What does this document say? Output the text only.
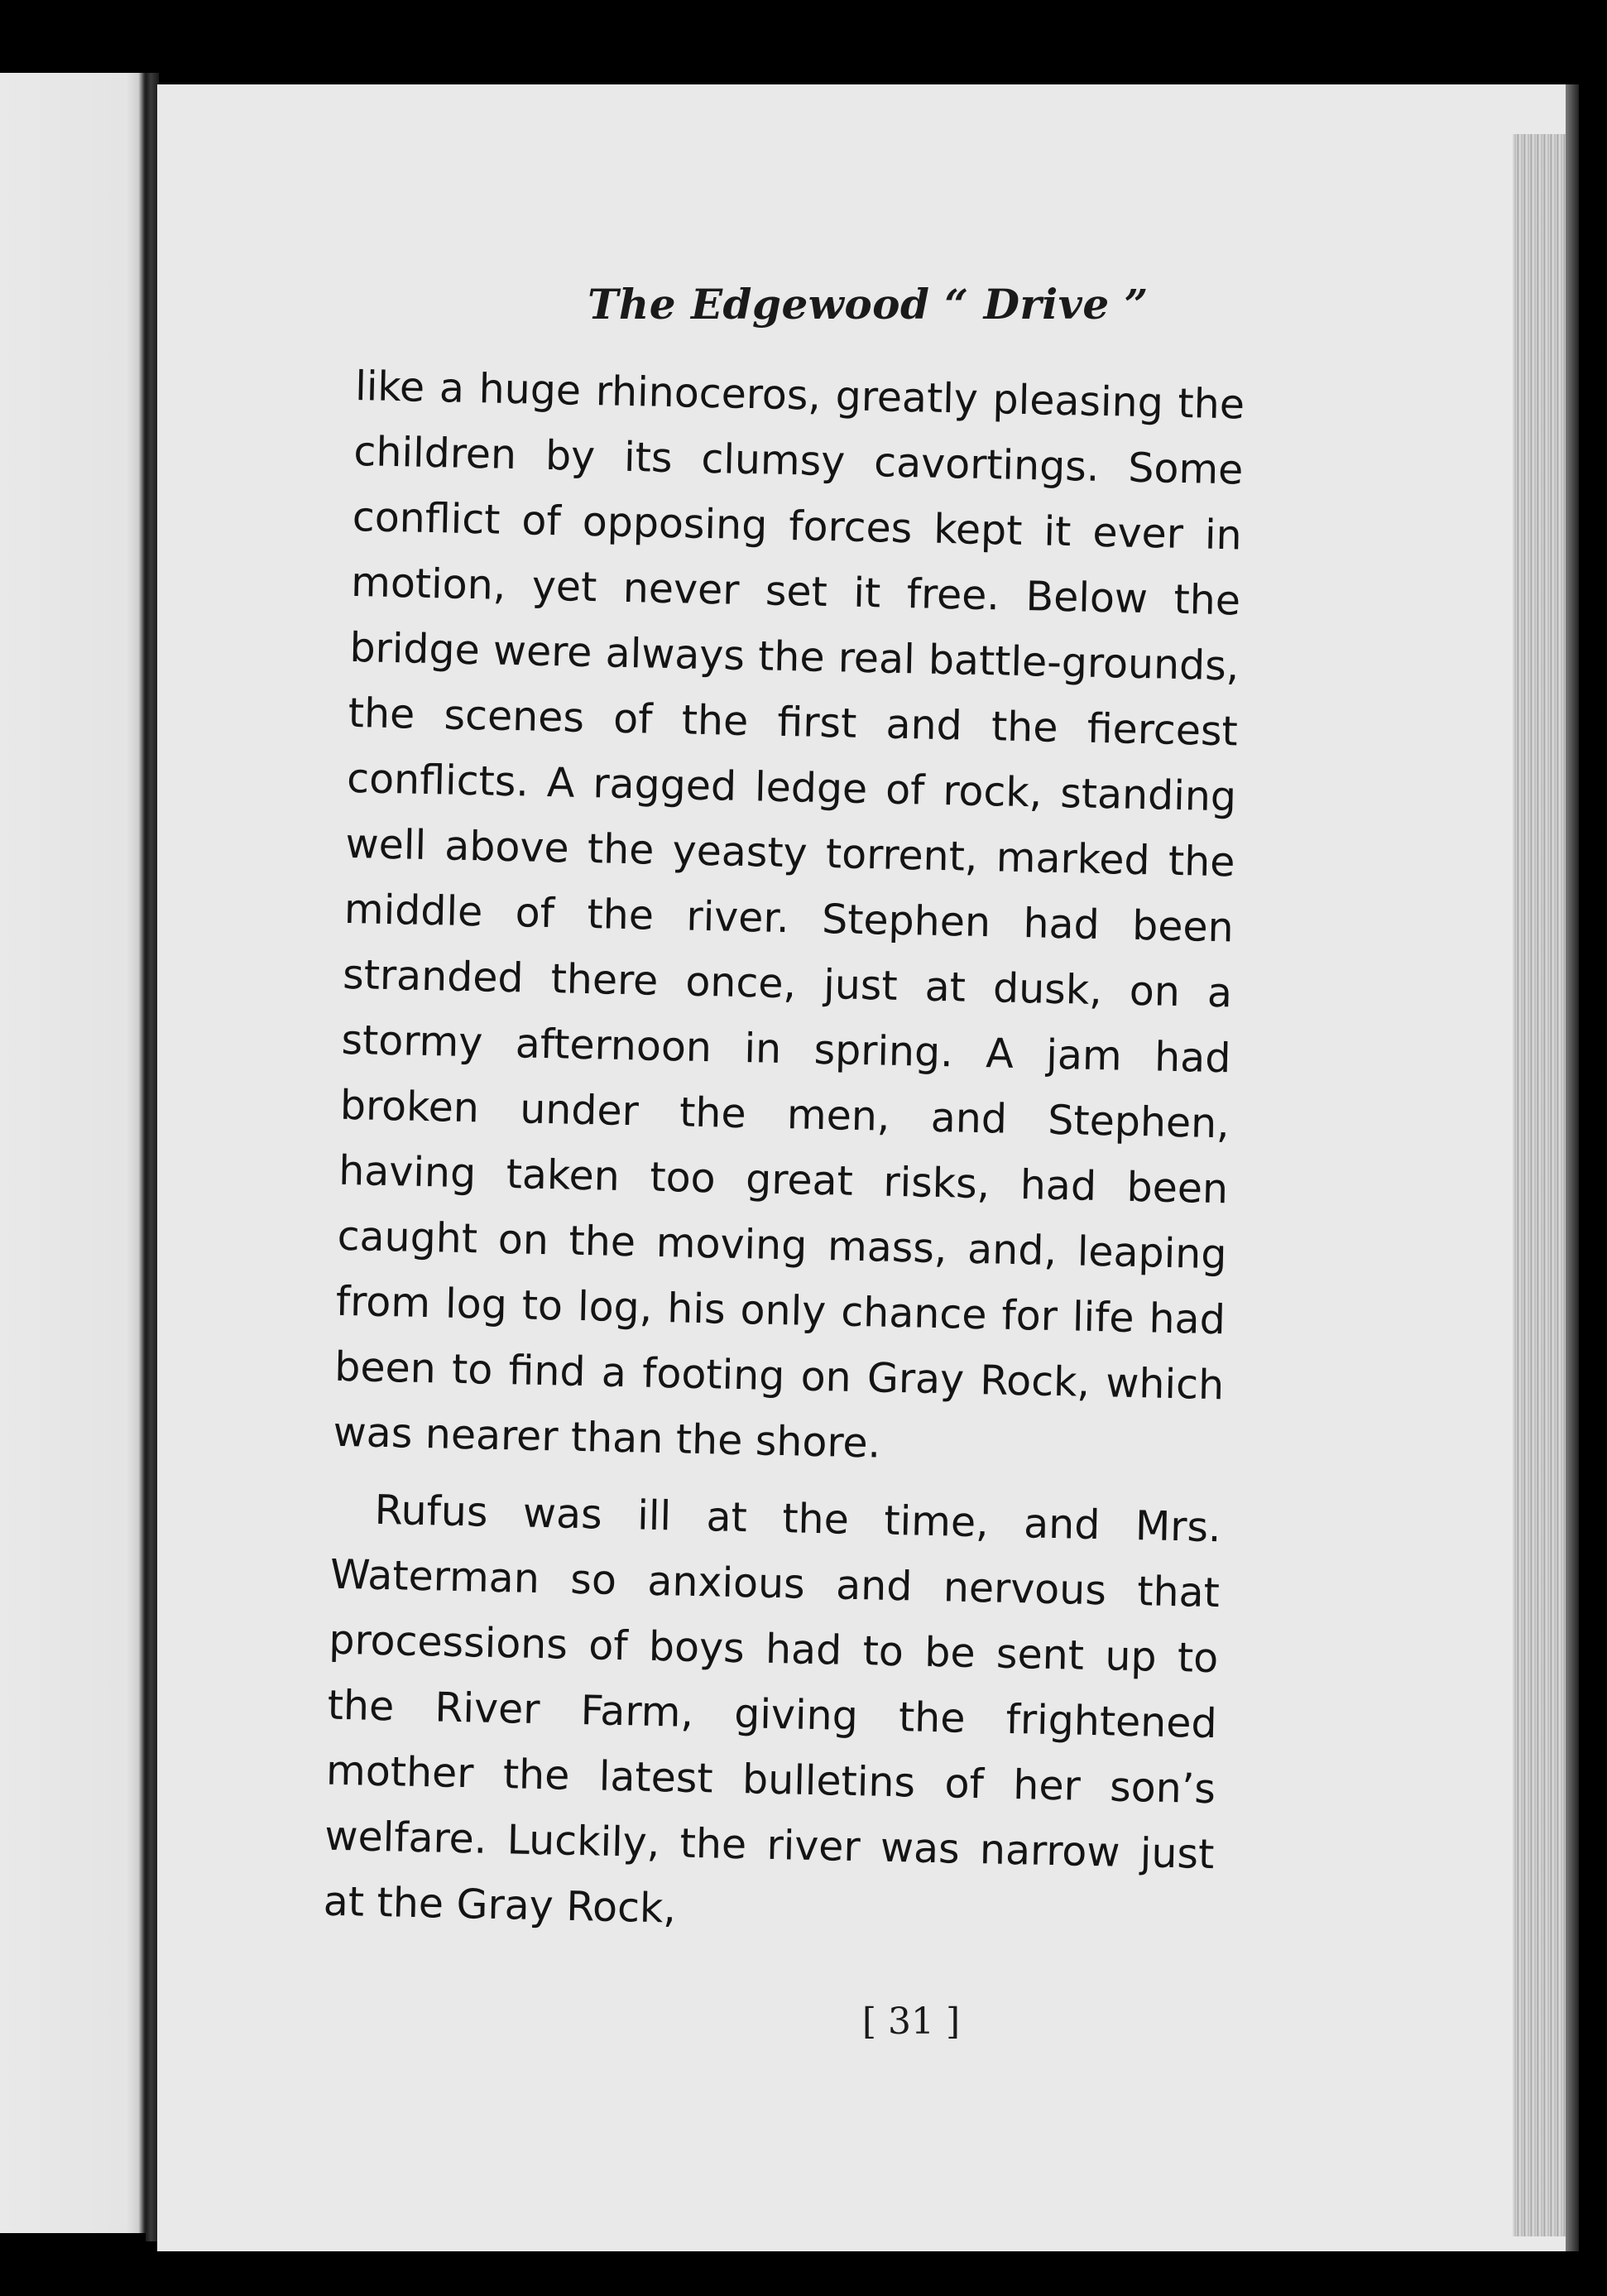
The Edgewood “ Drive ”

like a huge rhinoceros, greatly pleasing the children by its clumsy cavortings. Some conflict of opposing forces kept it ever in motion, yet never set it free. Below the bridge were always the real battle-grounds, the scenes of the first and the fiercest conflicts. A ragged ledge of rock, standing well above the yeasty torrent, marked the middle of the river. Stephen had been stranded there once, just at dusk, on a stormy afternoon in spring. A jam had broken under the men, and Stephen, having taken too great risks, had been caught on the moving mass, and, leaping from log to log, his only chance for life had been to find a footing on Gray Rock, which was nearer than the shore.

Rufus was ill at the time, and Mrs. Waterman so anxious and nervous that processions of boys had to be sent up to the River Farm, giving the frightened mother the latest bulletins of her son’s welfare. Luckily, the river was narrow just at the Gray Rock,

[ 31 ]
